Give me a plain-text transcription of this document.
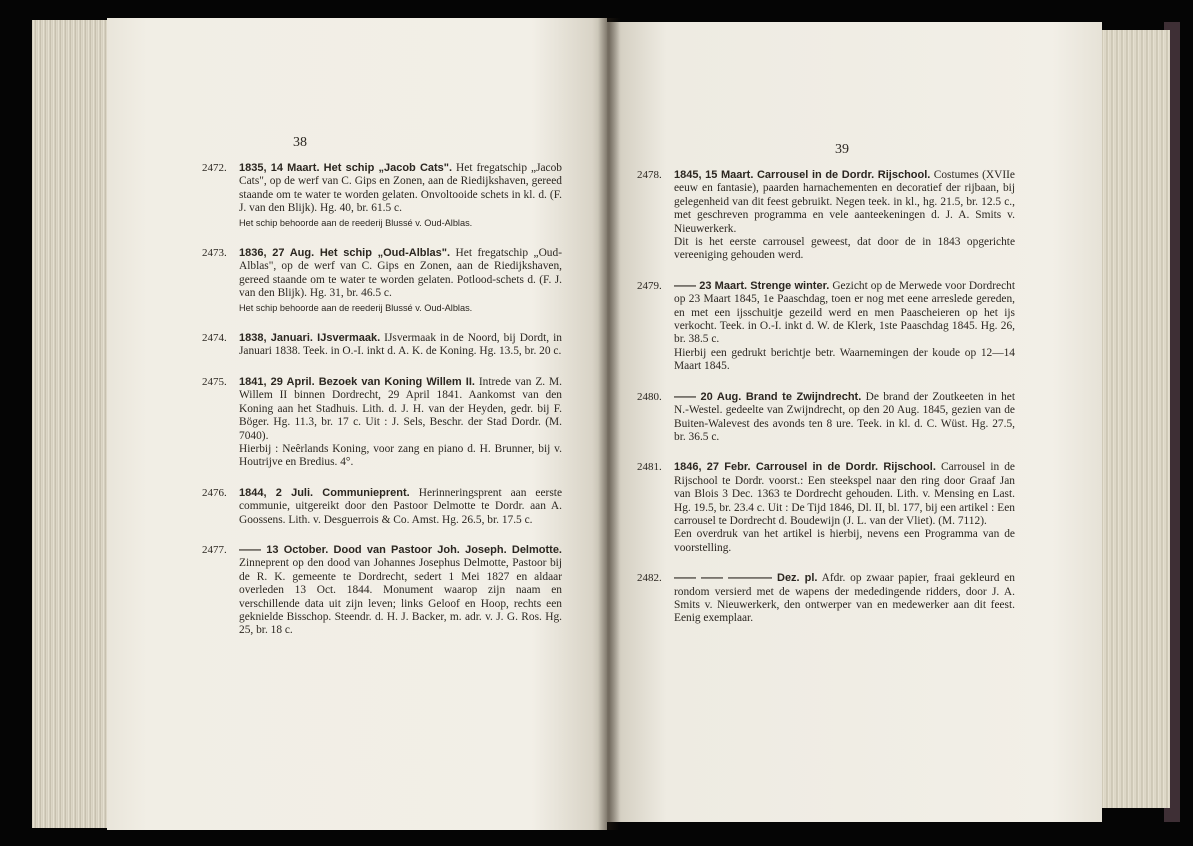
38
2472. 1835, 14 Maart. Het schip „Jacob Cats". Het fregatschip „Jacob Cats", op de werf van C. Gips en Zonen, aan de Riedijkshaven, gereed staande om te water te worden gelaten. Onvoltooide schets in kl. d. (F. J. van den Blijk). Hg. 40, br. 61.5 c.

Het schip behoorde aan de reederij Blussé v. Oud-Alblas.
2473. 1836, 27 Aug. Het schip „Oud-Alblas". Het fregatschip „Oud-Alblas", op de werf van C. Gips en Zonen, aan de Riedijkshaven, gereed staande om te water te worden gelaten. Potlood-schets d. (F. J. van den Blijk). Hg. 31, br. 46.5 c.

Het schip behoorde aan de reederij Blussé v. Oud-Alblas.
2474. 1838, Januari. IJsvermaak. IJsvermaak in de Noord, bij Dordt, in Januari 1838. Teek. in O.-I. inkt d. A. K. de Koning. Hg. 13.5, br. 20 c.

2475. 1841, 29 April. Bezoek van Koning Willem II. Intrede van Z. M. Willem II binnen Dordrecht, 29 April 1841. Aankomst van den Koning aan het Stadhuis. Lith. d. J. H. van der Heyden, gedr. bij F. Böger. Hg. 11.3, br. 17 c. Uit : J. Sels, Beschr. der Stad Dordr. (M. 7040).

Hierbij : Neêrlands Koning, voor zang en piano d. H. Brunner, bij v. Houtrijve en Bredius. 4°.

2476. 1844, 2 Juli. Communieprent. Herinneringsprent aan eerste communie, uitgereikt door den Pastoor Delmotte te Dordr. aan A. Goossens. Lith. v. Desguerrois & Co. Amst. Hg. 26.5, br. 17.5 c.

2477. —— 13 October. Dood van Pastoor Joh. Joseph. Delmotte. Zinneprent op den dood van Johannes Josephus Delmotte, Pastoor bij de R. K. gemeente te Dordrecht, sedert 1 Mei 1827 en aldaar overleden 13 Oct. 1844. Monument waarop zijn naam en verschillende data uit zijn leven; links Geloof en Hoop, rechts een geknielde Bisschop. Steendr. d. H. J. Backer, m. adr. v. J. G. Ros. Hg. 25, br. 18 c.

39
2478. 1845, 15 Maart. Carrousel in de Dordr. Rijschool. Costumes (XVIIe eeuw en fantasie), paarden harnachementen en decoratief der rijbaan, bij gelegenheid van dit feest gebruikt. Negen teek. in kl., hg. 21.5, br. 12.5 c., met geschreven programma en vele aanteekeningen d. J. A. Smits v. Nieuwerkerk.

Dit is het eerste carrousel geweest, dat door de in 1843 opgerichte vereeniging gehouden werd.

2479. —— 23 Maart. Strenge winter. Gezicht op de Merwede voor Dordrecht op 23 Maart 1845, 1e Paaschdag, toen er nog met eene arreslede gereden, en met een ijsschuitje gezeild werd en men Paascheieren op het ijs verkocht. Teek. in O.-I. inkt d. W. de Klerk, 1ste Paaschdag 1845. Hg. 26, br. 38.5 c.

Hierbij een gedrukt berichtje betr. Waarnemingen der koude op 12—14 Maart 1845.

2480. —— 20 Aug. Brand te Zwijndrecht. De brand der Zoutkeeten in het N.-Westel. gedeelte van Zwijndrecht, op den 20 Aug. 1845, gezien van de Buiten-Walevest des avonds ten 8 ure. Teek. in kl. d. C. Wüst. Hg. 27.5, br. 36.5 c.

2481. 1846, 27 Febr. Carrousel in de Dordr. Rijschool. Carrousel in de Rijschool te Dordr. voorst.: Een steekspel naar den ring door Graaf Jan van Blois 3 Dec. 1363 te Dordrecht gehouden. Lith. v. Mensing en Last. Hg. 19.5, br. 23.4 c. Uit : De Tijd 1846, Dl. II, bl. 177, bij een artikel : Een carrousel te Dordrecht d. Boudewijn (J. L. van der Vliet). (M. 7112).

Een overdruk van het artikel is hierbij, nevens een Programma van de voorstelling.

2482. —— —— ———— Dez. pl. Afdr. op zwaar papier, fraai gekleurd en rondom versierd met de wapens der mededingende ridders, door J. A. Smits v. Nieuwerkerk, den ontwerper van en medewerker aan dit feest. Eenig exemplaar.
